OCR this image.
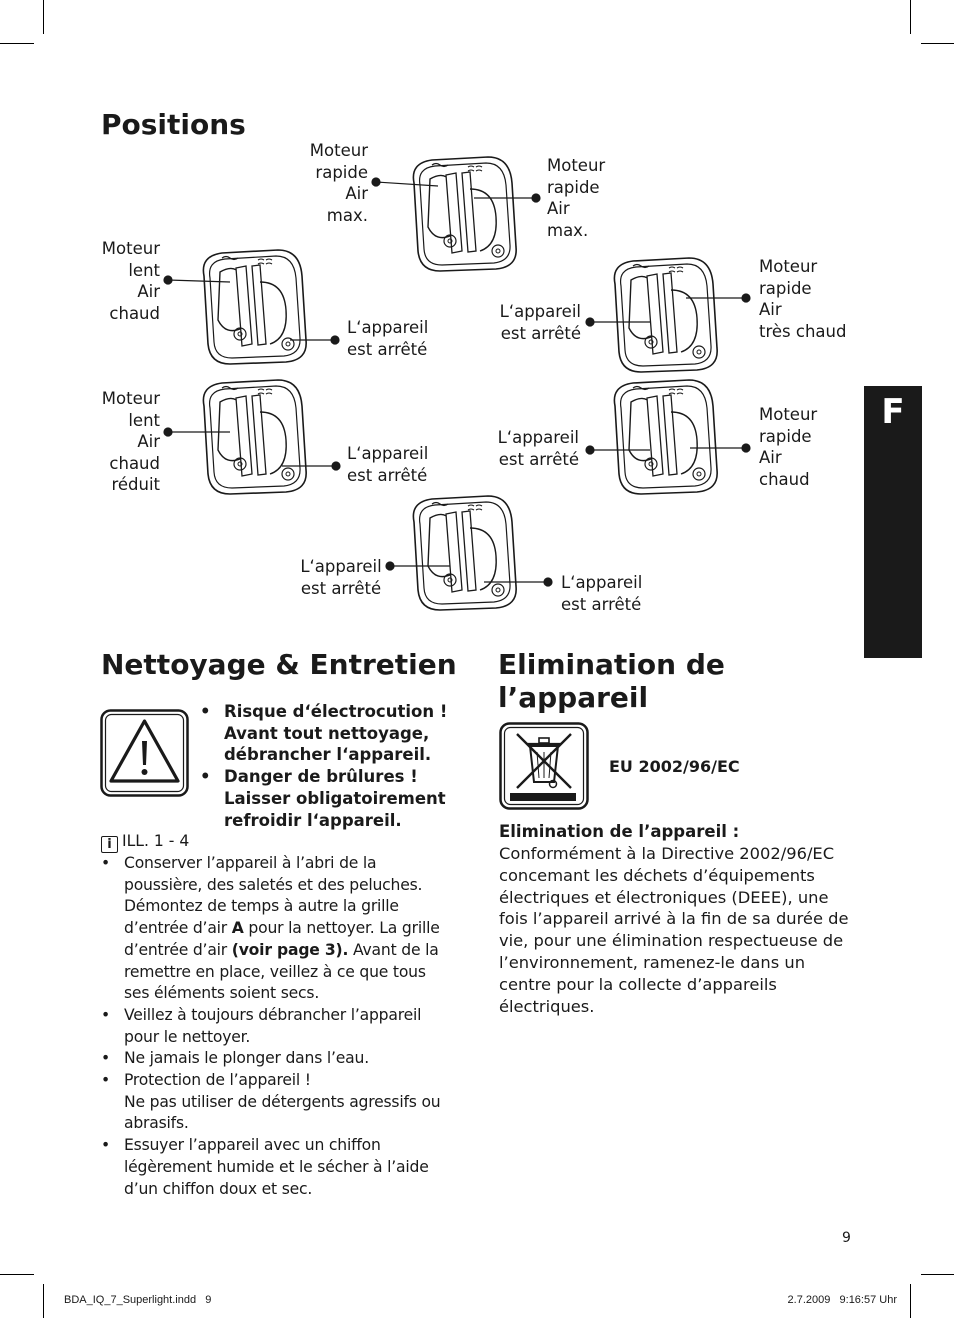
Positions
Moteur
rapide
Air
max.
Moteur
rapide
Air
max.
Moteur
lent
Air
chaud
L‘appareil
est arrêté
L‘appareil
est arrêté
Moteur
rapide
Air
très chaud
Moteur
lent
Air
chaud
réduit
L‘appareil
est arrêté
L‘appareil
est arrêté
Moteur
rapide
Air
chaud
L‘appareil
est arrêté	L‘appareil
est arrêté
F
Nettoyage & Entretien
• Risque d‘électrocution !
Avant tout nettoyage,
débrancher l‘appareil.
• Danger de brûlures !
Laisser obligatoirement
refroidir l‘appareil.
i ILL. 1 - 4
• Conserver l’appareil à l’abri de la poussière, des saletés et des peluches. Démontez de temps à autre la grille d’entrée d’air A pour la nettoyer. La grille d’entrée d’air (voir page 3). Avant de la remettre en place, veillez à ce que tous ses éléments soient secs.
• Veillez à toujours débrancher l’appareil pour le nettoyer.
• Ne jamais le plonger dans l’eau.
• Protection de l’appareil !
Ne pas utiliser de détergents agressifs ou abrasifs.
• Essuyer l’appareil avec un chiffon légèrement humide et le sécher à l’aide d’un chiffon doux et sec.
Elimination de
l’appareil
EU 2002/96/EC
Elimination de l’appareil :
Conformément à la Directive 2002/96/EC concemant les déchets d’équipements électriques et électroniques (DEEE), une fois l’appareil arrivé à la fin de sa durée de vie, pour une élimination respectueuse de l’environnement, ramenez-le dans un centre pour la collecte d’appareils électriques.
9
BDA_IQ_7_Superlight.indd   9	2.7.2009   9:16:57 Uhr
